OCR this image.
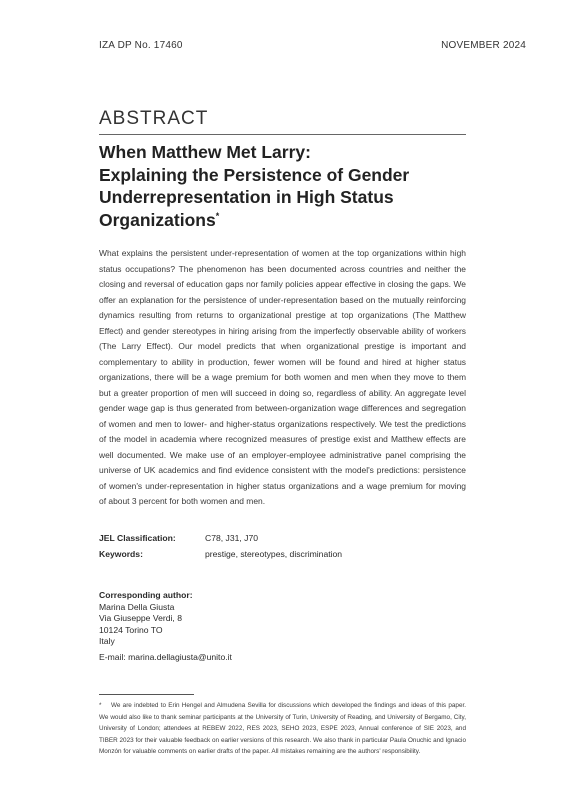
IZA DP No. 17460	NOVEMBER 2024
ABSTRACT
When Matthew Met Larry:
Explaining the Persistence of Gender
Underrepresentation in High Status
Organizations*

What explains the persistent under-representation of women at the top organizations within high status occupations? The phenomenon has been documented across countries and neither the closing and reversal of education gaps nor family policies appear effective in closing the gaps. We offer an explanation for the persistence of under-representation based on the mutually reinforcing dynamics resulting from returns to organizational prestige at top organizations (The Matthew Effect) and gender stereotypes in hiring arising from the imperfectly observable ability of workers (The Larry Effect). Our model predicts that when organizational prestige is important and complementary to ability in production, fewer women will be found and hired at higher status organizations, there will be a wage premium for both women and men when they move to them but a greater proportion of men will succeed in doing so, regardless of ability. An aggregate level gender wage gap is thus generated from between-organization wage differences and segregation of women and men to lower- and higher-status organizations respectively. We test the predictions of the model in academia where recognized measures of prestige exist and Matthew effects are well documented. We make use of an employer-employee administrative panel comprising the universe of UK academics and find evidence consistent with the model's predictions: persistence of women's under-representation in higher status organizations and a wage premium for moving of about 3 percent for both women and men.

JEL Classification:	C78, J31, J70
Keywords:	prestige, stereotypes, discrimination
Corresponding author:
Marina Della Giusta
Via Giuseppe Verdi, 8
10124 Torino TO
Italy
E-mail: marina.dellagiusta@unito.it

* We are indebted to Erin Hengel and Almudena Sevilla for discussions which developed the findings and ideas of this paper. We would also like to thank seminar participants at the University of Turin, University of Reading, and University of Bergamo, City, University of London; attendees at REBEW 2022, RES 2023, SEHO 2023, ESPE 2023, Annual conference of SIE 2023, and TIBER 2023 for their valuable feedback on earlier versions of this research. We also thank in particular Paula Onuchic and Ignacio Monzón for valuable comments on earlier drafts of the paper. All mistakes remaining are the authors' responsibility.
